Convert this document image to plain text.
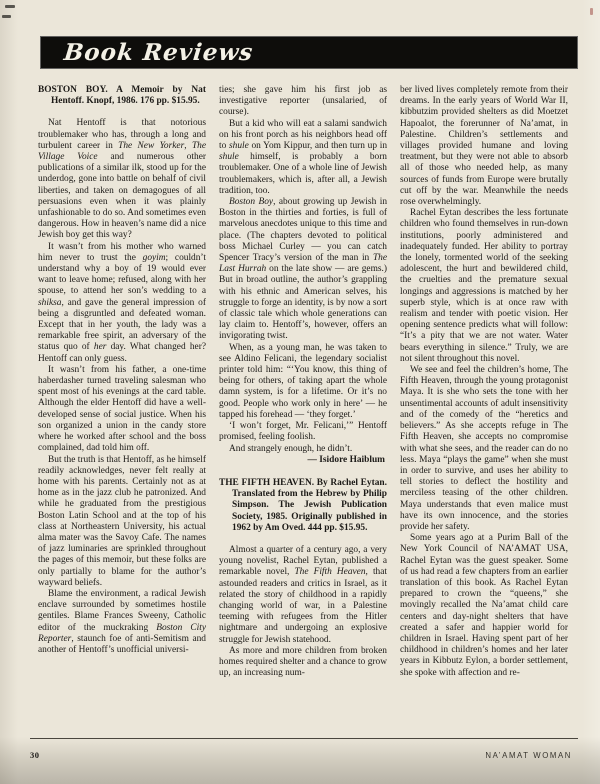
Book Reviews
BOSTON BOY. A Memoir by Nat Hentoff. Knopf, 1986. 176 pp. $15.95.
Nat Hentoff is that notorious troublemaker who has, through a long and turbulent career in The New Yorker, The Village Voice and numerous other publications of a similar ilk, stood up for the underdog, gone into battle on behalf of civil liberties, and taken on demagogues of all persuasions even when it was plainly unfashionable to do so. And sometimes even dangerous. How in heaven’s name did a nice Jewish boy get this way?
It wasn’t from his mother who warned him never to trust the goyim; couldn’t understand why a boy of 19 would ever want to leave home; refused, along with her spouse, to attend her son’s wedding to a shiksa, and gave the general impression of being a disgruntled and defeated woman. Except that in her youth, the lady was a remarkable free spirit, an adversary of the status quo of her day. What changed her? Hentoff can only guess.
It wasn’t from his father, a one-time haberdasher turned traveling salesman who spent most of his evenings at the card table. Although the elder Hentoff did have a well-developed sense of social justice. When his son organized a union in the candy store where he worked after school and the boss complained, dad told him off.
But the truth is that Hentoff, as he himself readily acknowledges, never felt really at home with his parents. Certainly not as at home as in the jazz club he patronized. And while he graduated from the prestigious Boston Latin School and at the top of his class at Northeastern University, his actual alma mater was the Savoy Cafe. The names of jazz luminaries are sprinkled throughout the pages of this memoir, but these folks are only partially to blame for the author’s wayward beliefs.
Blame the environment, a radical Jewish enclave surrounded by sometimes hostile gentiles. Blame Frances Sweeny, Catholic editor of the muckraking Boston City Reporter, staunch foe of anti-Semitism and another of Hentoff’s unofficial universi-
ties; she gave him his first job as investigative reporter (unsalaried, of course).
But a kid who will eat a salami sandwich on his front porch as his neighbors head off to shule on Yom Kippur, and then turn up in shule himself, is probably a born troublemaker. One of a whole line of Jewish troublemakers, which is, after all, a Jewish tradition, too.
Boston Boy, about growing up Jewish in Boston in the thirties and forties, is full of marvelous anecdotes unique to this time and place. (The chapters devoted to political boss Michael Curley — you can catch Spencer Tracy’s version of the man in The Last Hurrah on the late show — are gems.) But in broad outline, the author’s grappling with his ethnic and American selves, his struggle to forge an identity, is by now a sort of classic tale which whole generations can lay claim to. Hentoff’s, however, offers an invigorating twist.
When, as a young man, he was taken to see Aldino Felicani, the legendary socialist printer told him: “‘You know, this thing of being for others, of taking apart the whole damn system, is for a lifetime. Or it’s no good. People who work only in here’ — he tapped his forehead — ‘they forget.’
‘I won’t forget, Mr. Felicani,’” Hentoff promised, feeling foolish.
And strangely enough, he didn’t.
— Isidore Haiblum
THE FIFTH HEAVEN. By Rachel Eytan. Translated from the Hebrew by Philip Simpson. The Jewish Publication Society, 1985. Originally published in 1962 by Am Oved. 444 pp. $15.95.
Almost a quarter of a century ago, a very young novelist, Rachel Eytan, published a remarkable novel, The Fifth Heaven, that astounded readers and critics in Israel, as it related the story of childhood in a rapidly changing world of war, in a Palestine teeming with refugees from the Hitler nightmare and undergoing an explosive struggle for Jewish statehood.
As more and more children from broken homes required shelter and a chance to grow up, an increasing num-
ber lived lives completely remote from their dreams. In the early years of World War II, kibbutzim provided shelters as did Moetzet Hapoalot, the forerunner of Na’amat, in Palestine. Children’s settlements and villages provided humane and loving treatment, but they were not able to absorb all of those who needed help, as many sources of funds from Europe were brutally cut off by the war. Meanwhile the needs rose overwhelmingly.
Rachel Eytan describes the less fortunate children who found themselves in run-down institutions, poorly administered and inadequately funded. Her ability to portray the lonely, tormented world of the seeking adolescent, the hurt and bewildered child, the cruelties and the premature sexual longings and aggressions is matched by her superb style, which is at once raw with realism and tender with poetic vision. Her opening sentence predicts what will follow: “It’s a pity that we are not water. Water bears everything in silence.” Truly, we are not silent throughout this novel.
We see and feel the children’s home, The Fifth Heaven, through the young protagonist Maya. It is she who sets the tone with her unsentimental accounts of adult insensitivity and of the comedy of the “heretics and believers.” As she accepts refuge in The Fifth Heaven, she accepts no compromise with what she sees, and the reader can do no less. Maya “plays the game” when she must in order to survive, and uses her ability to tell stories to deflect the hostility and merciless teasing of the other children. Maya understands that even malice must have its own innocence, and the stories provide her safety.
Some years ago at a Purim Ball of the New York Council of NA’AMAT USA, Rachel Eytan was the guest speaker. Some of us had read a few chapters from an earlier translation of this book. As Rachel Eytan prepared to crown the “queens,” she movingly recalled the Na’amat child care centers and day-night shelters that have created a safer and happier world for children in Israel. Having spent part of her childhood in children’s homes and her later years in Kibbutz Eylon, a border settlement, she spoke with affection and re-
30	NA’AMAT WOMAN
